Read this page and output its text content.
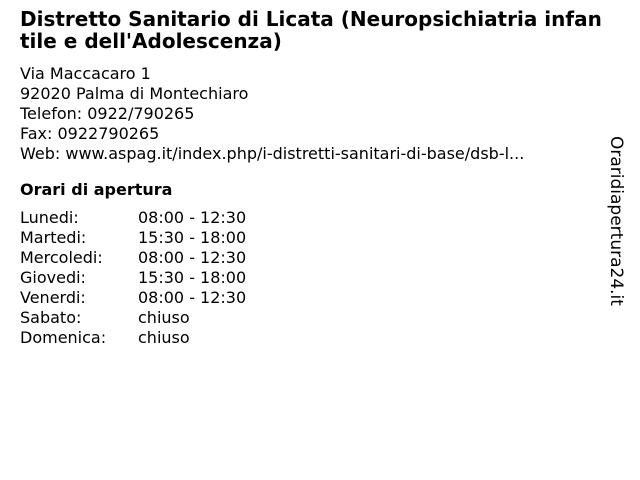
Distretto Sanitario di Licata (Neuropsichiatria infantile e dell'Adolescenza)
Via Maccacaro 1
92020 Palma di Montechiaro
Telefon: 0922/790265
Fax: 0922790265
Web: www.aspag.it/index.php/i-distretti-sanitari-di-base/dsb-l...
Orari di apertura
Lunedi:	08:00 - 12:30
Martedi:	15:30 - 18:00
Mercoledi:	08:00 - 12:30
Giovedi:	15:30 - 18:00
Venerdi:	08:00 - 12:30
Sabato:	chiuso
Domenica:	chiuso
Oraridiapertura24.it
